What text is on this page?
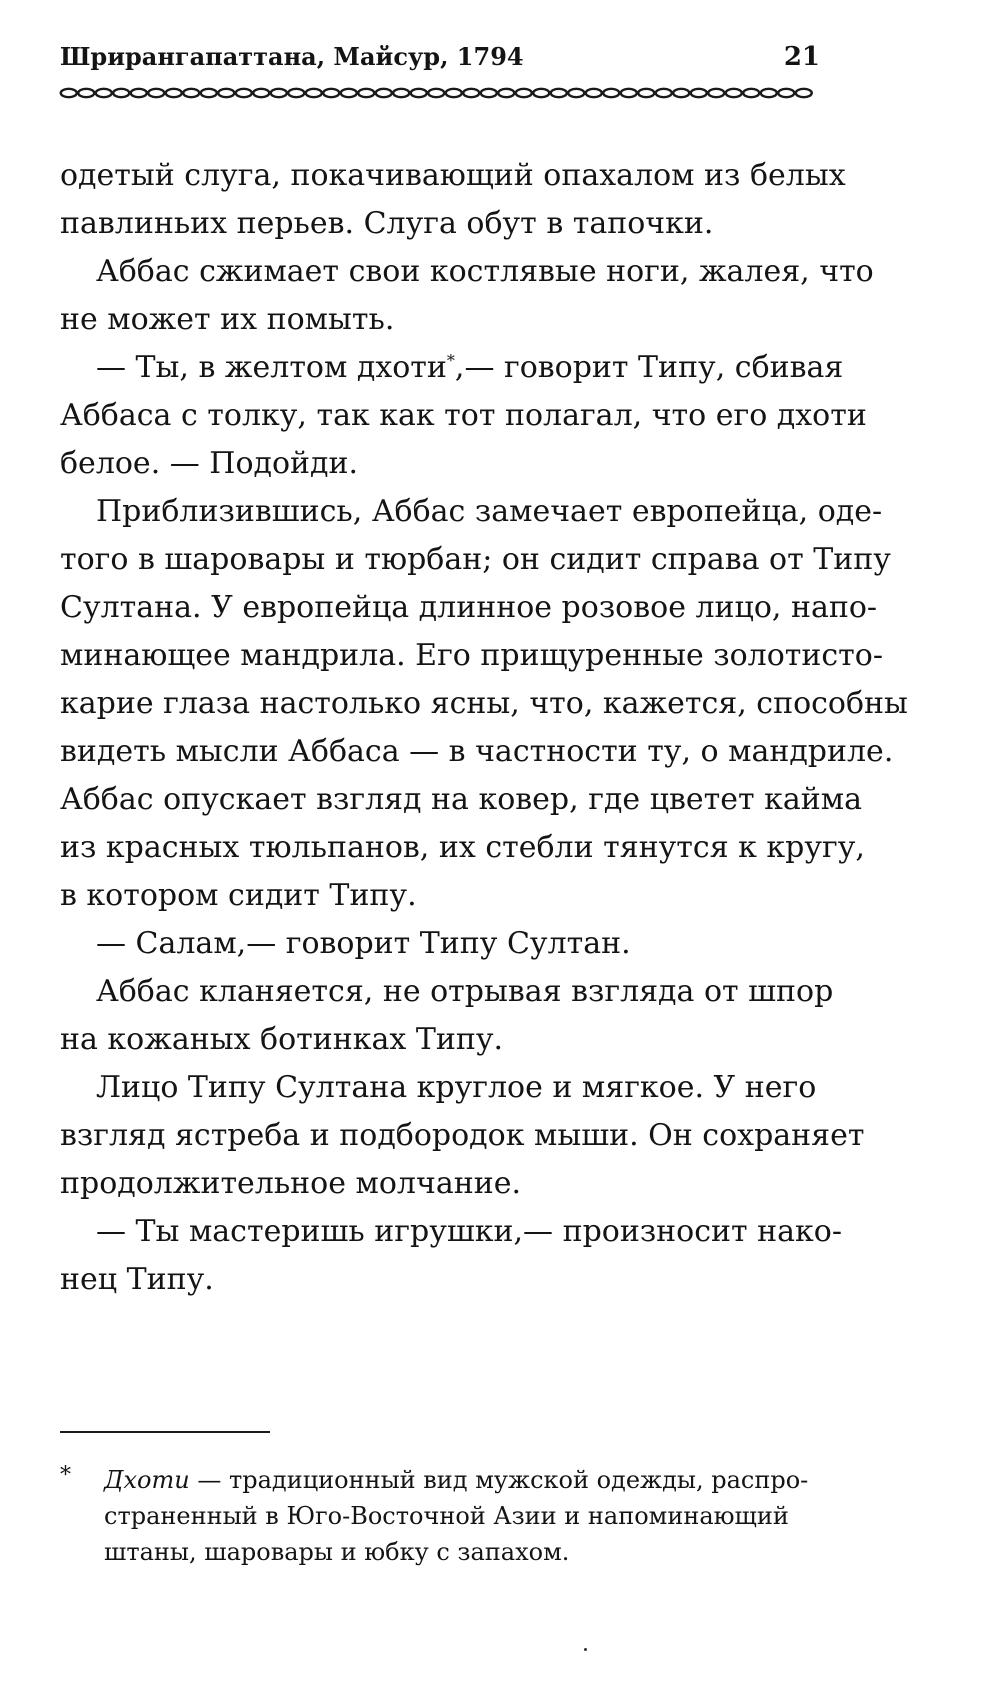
Шрирангапаттана, Майсур, 1794	21

одетый слуга, покачивающий опахалом из белых
павлиньих перьев. Слуга обут в тапочки.

Аббас сжимает свои костлявые ноги, жалея, что
не может их помыть.

— Ты, в желтом дхоти*,— говорит Типу, сбивая
Аббаса с толку, так как тот полагал, что его дхоти
белое. — Подойди.

Приблизившись, Аббас замечает европейца, оде-
того в шаровары и тюрбан; он сидит справа от Типу
Султана. У европейца длинное розовое лицо, напо-
минающее мандрила. Его прищуренные золотисто-
карие глаза настолько ясны, что, кажется, способны
видеть мысли Аббаса — в частности ту, о мандриле.
Аббас опускает взгляд на ковер, где цветет кайма
из красных тюльпанов, их стебли тянутся к кругу,
в котором сидит Типу.

— Салам,— говорит Типу Султан.

Аббас кланяется, не отрывая взгляда от шпор
на кожаных ботинках Типу.

Лицо Типу Султана круглое и мягкое. У него
взгляд ястреба и подбородок мыши. Он сохраняет
продолжительное молчание.

— Ты мастеришь игрушки,— произносит нако-
нец Типу.

*	Дхоти — традиционный вид мужской одежды, распро-
страненный в Юго-Восточной Азии и напоминающий
штаны, шаровары и юбку с запахом.
